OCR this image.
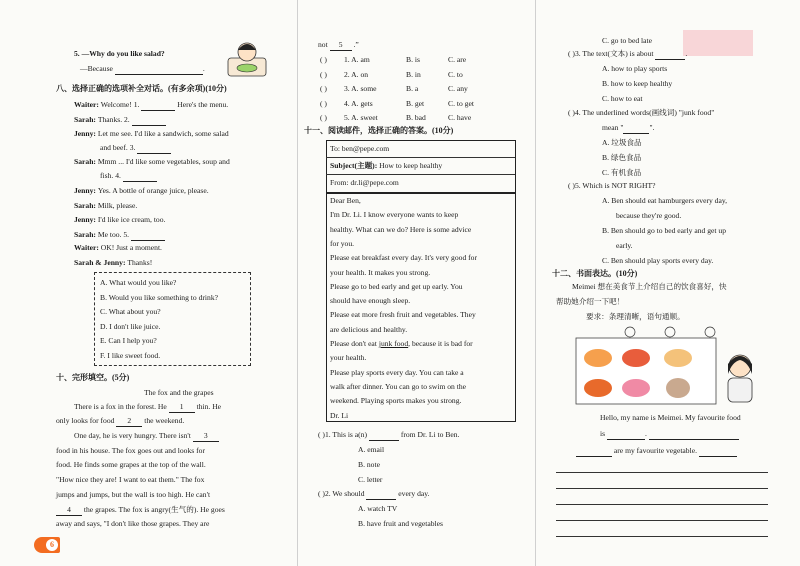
5. —Why do you like salad?
—Because	.
八、选择正确的选项补全对话。(有多余项)(10分)
Waiter: Welcome! 1.	Here's the menu.
Sarah: Thanks. 2.
Jenny: Let me see. I'd like a sandwich, some salad
and beef. 3.
Sarah: Mmm ... I'd like some vegetables, soup and
fish. 4.
Jenny: Yes. A bottle of orange juice, please.
Sarah: Milk, please.
Jenny: I'd like ice cream, too.
Sarah: Me too. 5.
Waiter: OK! Just a moment.
Sarah & Jenny: Thanks!
A. What would you like?
B. Would you like something to drink?
C. What about you?
D. I don't like juice.
E. Can I help you?
F. I like sweet food.
十、完形填空。(5分)
The fox and the grapes
There is a fox in the forest. He 1 thin. He
only looks for food 2 the weekend.
One day, he is very hungry. There isn't 3
food in his house. The fox goes out and looks for
food. He finds some grapes at the top of the wall.
"How nice they are! I want to eat them." The fox
jumps and jumps, but the wall is too high. He can't
4 the grapes. The fox is angry(生气的). He goes
away and says, "I don't like those grapes. They are
not 5 .”
( ) 1. A. am	B. is	C. are
( ) 2. A. on	B. in	C. to
( ) 3. A. some	B. a	C. any
( ) 4. A. gets	B. get	C. to get
( ) 5. A. sweet	B. bad	C. have
十一、阅读邮件，选择正确的答案。(10分)
To: ben@pepe.com
Subject(主题): How to keep healthy
From: dr.li@pepe.com
Dear Ben,
I'm Dr. Li. I know everyone wants to keep
healthy. What can we do? Here is some advice
for you.
Please eat breakfast every day. It's very good for
your health. It makes you strong.
Please go to bed early and get up early. You
should have enough sleep.
Please eat more fresh fruit and vegetables. They
are delicious and healthy.
Please don't eat junk food, because it is bad for
your health.
Please play sports every day. You can take a
walk after dinner. You can go to swim on the
weekend. Playing sports makes you strong.
Dr. Li
( )1. This is a(n)	from Dr. Li to Ben.
A. email
B. note
C. letter
( )2. We should	every day.
A. watch TV
B. have fruit and vegetables
C. go to bed late
( )3. The text(文本) is about	.
A. how to play sports
B. how to keep healthy
C. how to eat
( )4. The underlined words(画线词) "junk food"
mean "	".
A. 垃圾食品
B. 绿色食品
C. 有机食品
( )5. Which is NOT RIGHT?
A. Ben should eat hamburgers every day,
because they're good.
B. Ben should go to bed early and get up
early.
C. Ben should play sports every day.
十二、书面表达。(10分)
Meimei 想在美食节上介绍自己的饮食喜好，快
帮助她介绍一下吧！
要求：条理清晰，语句通顺。
Hello, my name is Meimei. My favourite food
is	.
are my favourite vegetable.
6
